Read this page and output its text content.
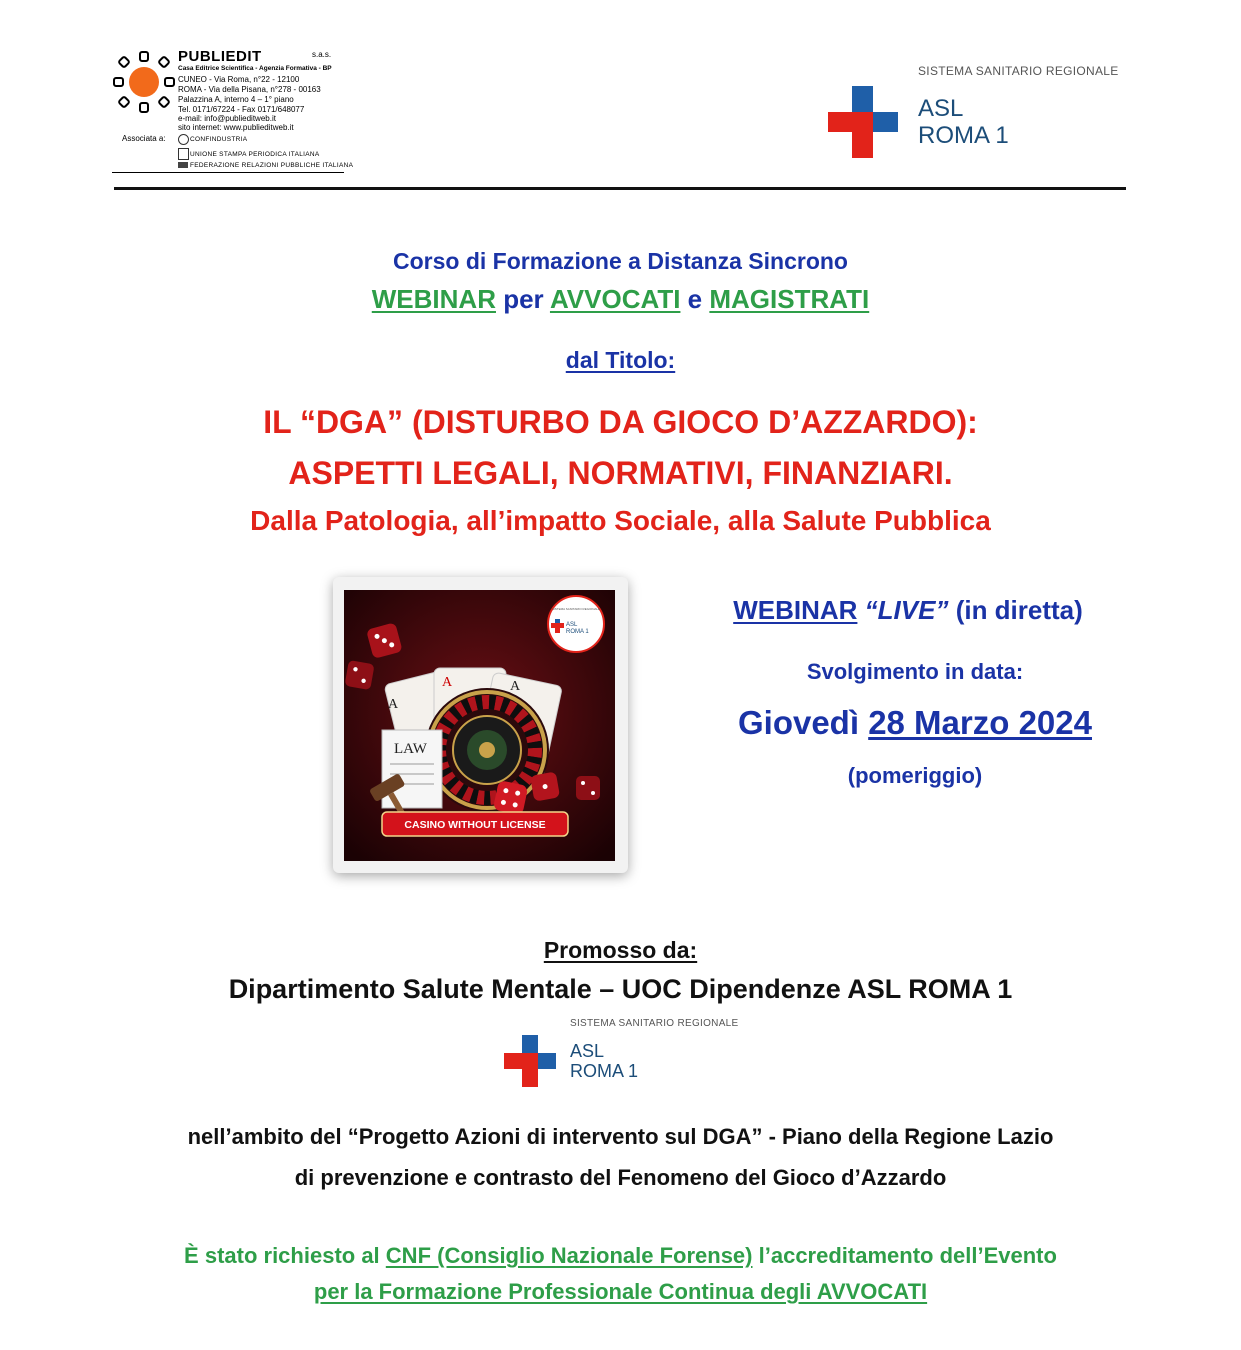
PUBLIEDIT	s.a.s.
Casa Editrice Scientifica - Agenzia Formativa - BP
CUNEO - Via Roma, n°22 - 12100
ROMA - Via della Pisana, n°278 - 00163
Palazzina A, interno 4 – 1° piano
Tel. 0171/67224 - Fax 0171/648077
e-mail: info@publieditweb.it
sito internet: www.publieditweb.it
Associata a:	CONFINDUSTRIA
UNIONE STAMPA PERIODICA ITALIANA
FEDERAZIONE RELAZIONI PUBBLICHE ITALIANA
SISTEMA SANITARIO REGIONALE
ASL
ROMA 1
Corso di Formazione a Distanza Sincrono
WEBINAR per AVVOCATI e MAGISTRATI
dal Titolo:
IL “DGA” (DISTURBO DA GIOCO D’AZZARDO):
ASPETTI LEGALI, NORMATIVI, FINANZIARI.
Dalla Patologia, all’impatto Sociale, alla Salute Pubblica
A
A	A
LAW
SISTEMA SANITARIO REGIONALE
ASL
ROMA 1
CASINO WITHOUT LICENSE
WEBINAR “LIVE” (in diretta)
Svolgimento in data:
Giovedì 28 Marzo 2024
(pomeriggio)
Promosso da:
Dipartimento Salute Mentale – UOC Dipendenze ASL ROMA 1
SISTEMA SANITARIO REGIONALE
ASL
ROMA 1
nell’ambito del “Progetto Azioni di intervento sul DGA” - Piano della Regione Lazio
di prevenzione e contrasto del Fenomeno del Gioco d’Azzardo
È stato richiesto al CNF (Consiglio Nazionale Forense) l’accreditamento dell’Evento
per la Formazione Professionale Continua degli AVVOCATI
